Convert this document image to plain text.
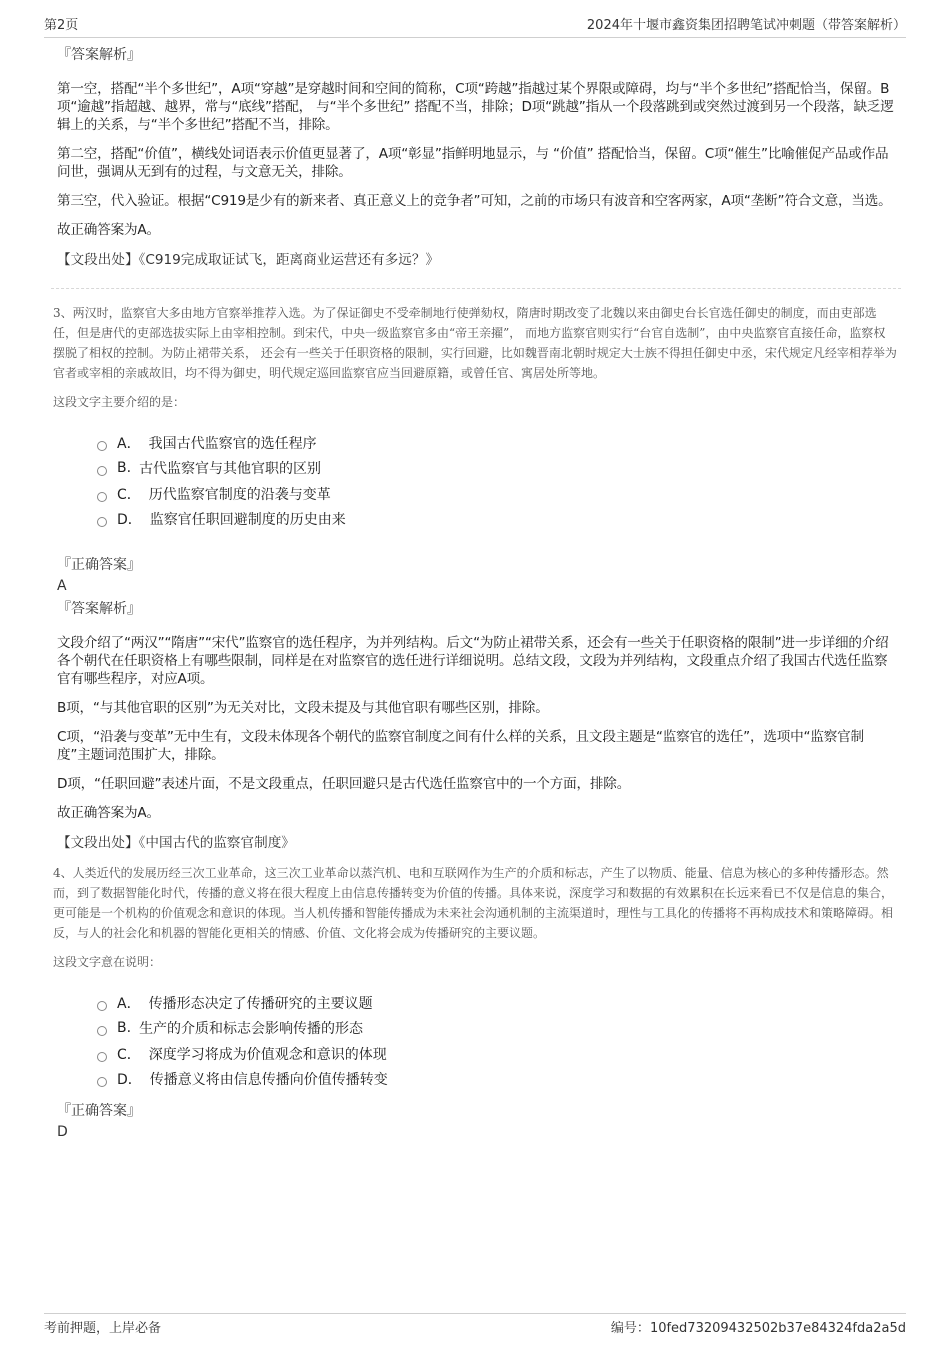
第2页	2024年十堰市鑫资集团招聘笔试冲刺题（带答案解析）

『答案解析』

第一空，搭配“半个多世纪”，A项“穿越”是穿越时间和空间的简称，C项“跨越”指越过某个界限或障碍，均与“半个多世纪”搭配恰当，保留。B项“逾越”指超越、越界，常与“底线”搭配， 与“半个多世纪” 搭配不当，排除；D项“跳越”指从一个段落跳到或突然过渡到另一个段落，缺乏逻辑上的关系，与“半个多世纪”搭配不当，排除。

第二空，搭配“价值”，横线处词语表示价值更显著了，A项“彰显”指鲜明地显示，与 “价值” 搭配恰当，保留。C项“催生”比喻催促产品或作品问世，强调从无到有的过程，与文意无关，排除。

第三空，代入验证。根据“C919是少有的新来者、真正意义上的竞争者”可知，之前的市场只有波音和空客两家，A项“垄断”符合文意，当选。

故正确答案为A。

【文段出处】《C919完成取证试飞，距离商业运营还有多远？》

3、两汉时，监察官大多由地方官察举推荐入选。为了保证御史不受牵制地行使弹劾权，隋唐时期改变了北魏以来由御史台长官选任御史的制度，而由吏部选任，但是唐代的吏部选拔实际上由宰相控制。到宋代，中央一级监察官多由“帝王亲擢”， 而地方监察官则实行“台官自选制”，由中央监察官直接任命，监察权摆脱了相权的控制。为防止裙带关系， 还会有一些关于任职资格的限制，实行回避，比如魏晋南北朝时规定大士族不得担任御史中丞，宋代规定凡经宰相荐举为官者或宰相的亲戚故旧，均不得为御史，明代规定巡回监察官应当回避原籍，或曾任官、寓居处所等地。

这段文字主要介绍的是：

A． 我国古代监察官的选任程序
B. 古代监察官与其他官职的区别
C． 历代监察官制度的沿袭与变革
D． 监察官任职回避制度的历史由来

『正确答案』

A

『答案解析』

文段介绍了“两汉”“隋唐”“宋代”监察官的选任程序，为并列结构。后文“为防止裙带关系，还会有一些关于任职资格的限制”进一步详细的介绍各个朝代在任职资格上有哪些限制，同样是在对监察官的选任进行详细说明。总结文段，文段为并列结构，文段重点介绍了我国古代选任监察官有哪些程序，对应A项。

B项，“与其他官职的区别”为无关对比，文段未提及与其他官职有哪些区别，排除。

C项，“沿袭与变革”无中生有，文段未体现各个朝代的监察官制度之间有什么样的关系，且文段主题是“监察官的选任”，选项中“监察官制度”主题词范围扩大，排除。

D项，“任职回避”表述片面，不是文段重点，任职回避只是古代选任监察官中的一个方面，排除。

故正确答案为A。

【文段出处】《中国古代的监察官制度》

4、人类近代的发展历经三次工业革命，这三次工业革命以蒸汽机、电和互联网作为生产的介质和标志，产生了以物质、能量、信息为核心的多种传播形态。然而，到了数据智能化时代，传播的意义将在很大程度上由信息传播转变为价值的传播。具体来说，深度学习和数据的有效累积在长远来看已不仅是信息的集合，更可能是一个机构的价值观念和意识的体现。当人机传播和智能传播成为未来社会沟通机制的主流渠道时，理性与工具化的传播将不再构成技术和策略障碍。相反，与人的社会化和机器的智能化更相关的情感、价值、文化将会成为传播研究的主要议题。

这段文字意在说明：

A． 传播形态决定了传播研究的主要议题
B. 生产的介质和标志会影响传播的形态
C． 深度学习将成为价值观念和意识的体现
D． 传播意义将由信息传播向价值传播转变

『正确答案』

D

考前押题，上岸必备	编号：10fed73209432502b37e84324fda2a5d
